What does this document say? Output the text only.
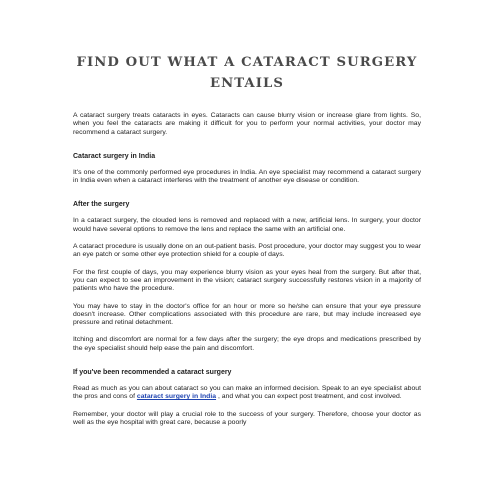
FIND OUT WHAT A CATARACT SURGERY
ENTAILS

A cataract surgery treats cataracts in eyes. Cataracts can cause blurry vision or increase glare from lights. So, when you feel the cataracts are making it difficult for you to perform your normal activities, your doctor may recommend a cataract surgery.

Cataract surgery in India

It's one of the commonly performed eye procedures in India. An eye specialist may recommend a cataract surgery in India even when a cataract interferes with the treatment of another eye disease or condition.

After the surgery

In a cataract surgery, the clouded lens is removed and replaced with a new, artificial lens. In surgery, your doctor would have several options to remove the lens and replace the same with an artificial one.

A cataract procedure is usually done on an out-patient basis. Post procedure, your doctor may suggest you to wear an eye patch or some other eye protection shield for a couple of days.

For the first couple of days, you may experience blurry vision as your eyes heal from the surgery. But after that, you can expect to see an improvement in the vision; cataract surgery successfully restores vision in a majority of patients who have the procedure.

You may have to stay in the doctor's office for an hour or more so he/she can ensure that your eye pressure doesn't increase. Other complications associated with this procedure are rare, but may include increased eye pressure and retinal detachment.

Itching and discomfort are normal for a few days after the surgery; the eye drops and medications prescribed by the eye specialist should help ease the pain and discomfort.

If you've been recommended a cataract surgery

Read as much as you can about cataract so you can make an informed decision. Speak to an eye specialist about the pros and cons of cataract surgery in India , and what you can expect post treatment, and cost involved.

Remember, your doctor will play a crucial role to the success of your surgery. Therefore, choose your doctor as well as the eye hospital with great care, because a poorly
